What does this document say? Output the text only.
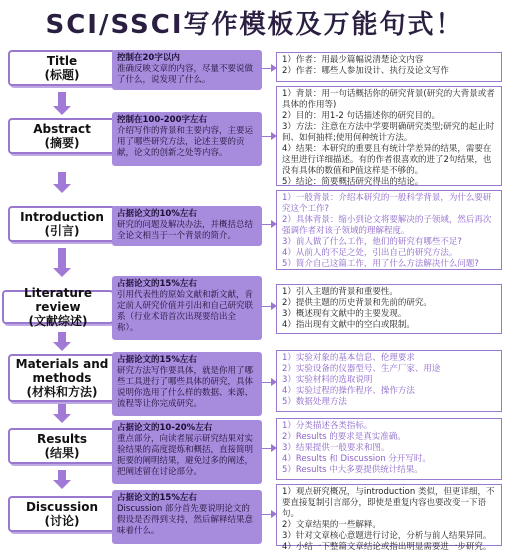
SCI/SSCI写作模板及万能句式！
Title
(标题)
控制在20字以内
准确反映文章的内容，尽量不要说做了什么，说发现了什么。
1）作者：用最少篇幅说清楚论文内容
2）作者：哪些人参加设计、执行及论文写作
Abstract
(摘要)
控制在100-200字左右
介绍写作的背景和主要内容，主要运用了哪些研究方法，论述主要的贡献，论文的创新之处等内容。
1）背景：用一句话概括你的研究背景(研究的大背景或者具体的作用等)
2）目的：用1-2 句话描述你的研究目的。
3）方法：注意在方法中学要明确研究类型;研究的起止时间、如何抽样;使用何种统计方法。
4）结果：本研究的重要且有统计学差异的结果，需要在这里进行详细描述。有的作者很喜欢的进了2句结果，也没有具体的数值和P值这样是不够的。
5）结论：简要概括研究得出的结论。
Introduction
(引言)
占据论文的10%左右
研究的问题及解决办法，并概括总结全论文相当于一个背景的简介。
1）一般背景：介绍本研究的一般科学背景，为什么要研究这个工作?
2）具体背景：缩小到论文将要解决的子领域，然后再次强调作者对该子领域的理解程度。
3）前人做了什么工作，他们的研究有哪些不足?
4）从前人的不足之处，引出自己的研究方法。
5）简介自己这篇工作，用了什么方法解决什么问题?
Literature review
(文献综述)
占据论文的15%左右
引用代表性的原始文献和新文献，肯定前人研究价值并引出和自己研究联系（行业术语首次出现要给出全称）。
1）引入主题的背景和重要性。
2）提供主题的历史背景和先前的研究。
3）概述现有文献中的主要发现。
4）指出现有文献中的空白或限制。
Materials and methods
(材料和方法)
占据论文的15%左右
研究方法写作要具体，就是你用了哪些工具进行了哪些具体的研究，具体说明你选用了什么样的数据、来源、流程等让你完成研究。
1）实验对象的基本信息、伦理要求
2）实验设备的仪器型号、生产厂家、用途
3）实验材料的选取说明
4）实验过程的操作程序、操作方法
5）数据处理方法
Results
(结果)
占据论文的10-20%左右
重点部分，向读者展示研究结果对实验结果的高度提炼和概括，直接简明扼要的阐明结果，避免过多的阐述，把阐述留在讨论部分。
1）分类描述各类指标。
2）Results 的要求是真实准确。
3）结果提供一般要求和图。
4）Results 和 Discussion 分开写时。
5）Results 中大多要提供统计结果。
Discussion
(讨论)
占据论文的15%左右
Discussion 部分首先要说明论文的假设是否得到支持，然后解释结果意味着什么。
1）观点研究概况，与introduction 类似，但更详细，不要直接复制引言部分，即使是重复内容也要改变一下语句。
2）文章结果的一些解释。
3）针对文章核心意题进行讨论，分析与前人结果异同。
4）小结一下整篇文章结论或指出明显需要进一步研究。
